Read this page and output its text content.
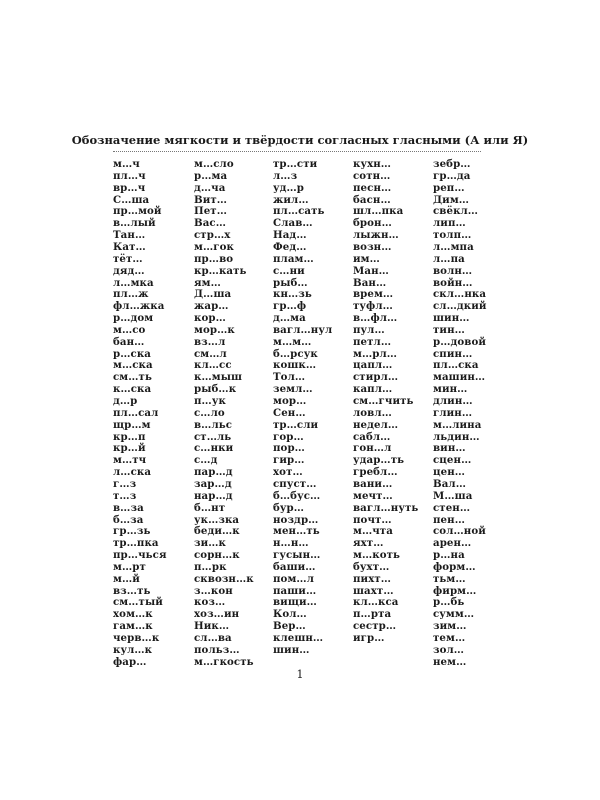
Обозначение мягкости и твёрдости согласных гласными (А или Я)
м…ч
пл…ч
вр…ч
С…ша
пр…мой
в…лый
Тан…
Кат…
тёт…
дяд…
л…мка
пл…ж
фл…жка
р…дом
м…со
бан…
р…ска
м…ска
см…ть
к…ска
д…р
пл…сал
щр…м
кр…п
кр…й
м…тч
л…ска
г…з
т…з
в…за
б…за
гр…зь
тр…пка
пр…чься
м…рт
м…й
вз…ть
см…тый
хом…к
гам…к
черв…к
кул…к
фар…
м…сло
р…ма
д…ча
Вит…
Пет…
Вас…
стр…х
м…гок
пр…во
кр…кать
ям…
Д…ша
жар…
кор…
мор…к
вз…л
см…л
кл…сс
к…мыш
рыб…к
п…ук
с…ло
в…льс
ст…ль
с…нки
с…д
пар…д
зар…д
нар…д
б…нт
ук…зка
беди…к
зи…к
сорн…к
п…рк
сквозн…к
з…кон
коз…
хоз…ин
Ник…
сл…ва
польз…
м…гкость
тр…сти
л…з
уд…р
жил…
пл…сать
Слав…
Над…
Фед…
плам…
с…ни
рыб…
кн…зь
гр…ф
д…ма
вагл…нул
м…м…
б…рсук
кошк…
Тол…
земл…
мор…
Сен…
тр…сли
гор…
пор…
гир…
хот…
спуст…
б…бус…
бур…
ноздр…
мен…ть
н…н…
гусын…
баши…
пом…л
паши…
вищи…
Кол…
Вер…
клешн…
шин…
кухн…
сотн…
песн…
басн…
шл…пка
брон…
лыжн…
возн…
им…
Ман…
Ван…
врем…
туфл…
в…фл…
пул…
петл…
м…рл…
цапл…
стирл…
капл…
см…гчить
ловл…
недел…
сабл…
гон…л
удар…ть
гребл…
вани…
мечт…
вагл…нуть
почт…
м…чта
яхт…
м…коть
бухт…
пихт…
шахт…
кл…кса
п…рта
сестр…
игр…
зебр…
гр…да
реп…
Дим…
свёкл…
лип…
толп…
л…мпа
л…па
волн…
войн…
скл…нка
сл…дкий
шин…
тин…
р…довой
спин…
пл…ска
машин…
мин…
длин…
глин…
м…лина
льдин…
вин…
сцен…
цен…
Вал…
М…ша
стен…
пен…
сол…ной
арен…
р…на
форм…
тьм…
фирм…
р…бь
сумм…
зим…
тем…
зол…
нем…
1
